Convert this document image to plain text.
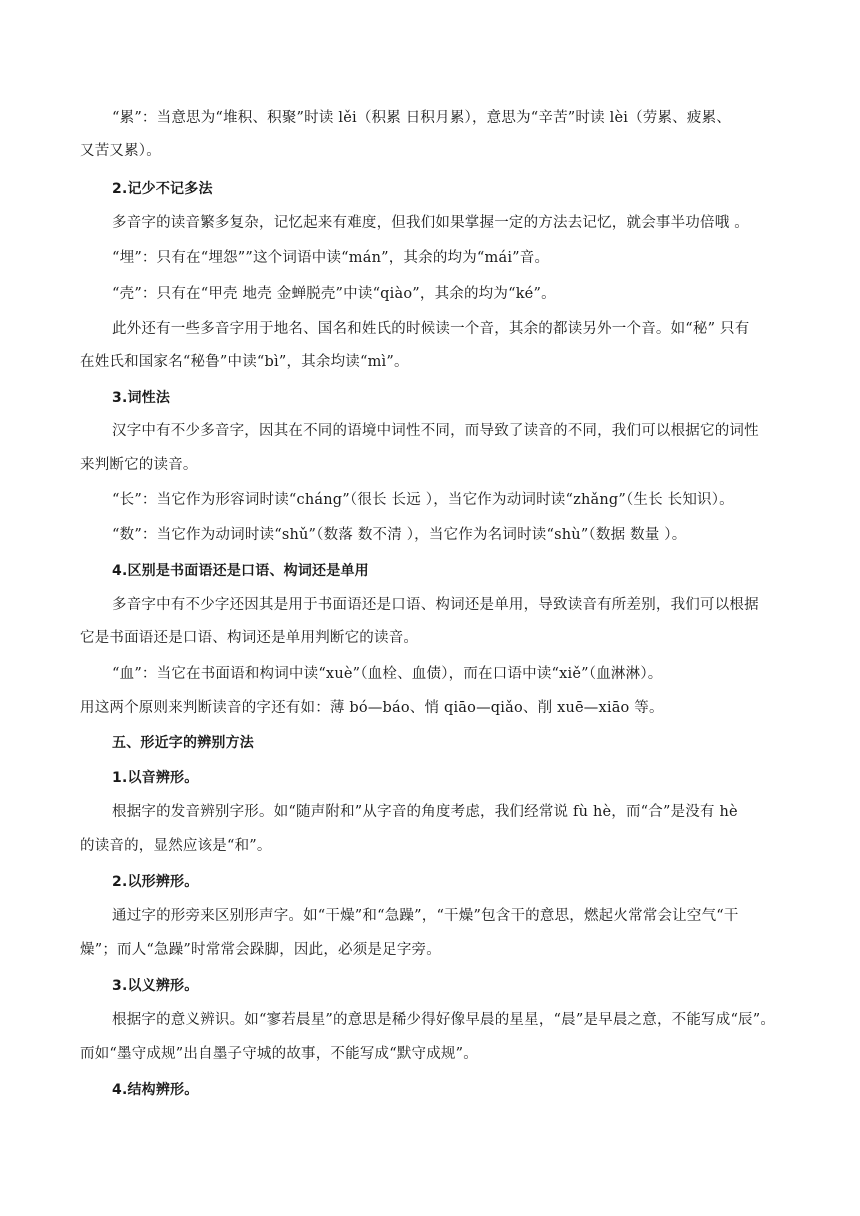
“累”：当意思为“堆积、积聚”时读 lěi（积累 日积月累），意思为“辛苦”时读 lèi（劳累、疲累、
又苦又累）。
2.记少不记多法
多音字的读音繁多复杂，记忆起来有难度，但我们如果掌握一定的方法去记忆，就会事半功倍哦 。
“埋”：只有在“埋怨””这个词语中读“mán”，其余的均为“mái”音。
“壳”：只有在“甲壳 地壳 金蝉脱壳”中读“qiào”，其余的均为“ké”。
此外还有一些多音字用于地名、国名和姓氏的时候读一个音，其余的都读另外一个音。如“秘” 只有
在姓氏和国家名“秘鲁”中读“bì”，其余均读“mì”。
3.词性法
汉字中有不少多音字，因其在不同的语境中词性不同，而导致了读音的不同，我们可以根据它的词性
来判断它的读音。
“长”：当它作为形容词时读“cháng”（很长 长远 ），当它作为动词时读“zhǎng”（生长 长知识）。
“数”：当它作为动词时读“shǔ”（数落 数不清 ），当它作为名词时读“shù”（数据 数量 ）。
4.区别是书面语还是口语、构词还是单用
多音字中有不少字还因其是用于书面语还是口语、构词还是单用，导致读音有所差别，我们可以根据
它是书面语还是口语、构词还是单用判断它的读音。
“血”：当它在书面语和构词中读“xuè”（血栓、血债），而在口语中读“xiě”（血淋淋）。
用这两个原则来判断读音的字还有如：薄 bó—báo、悄 qiāo—qiǎo、削 xuē—xiāo 等。
五、形近字的辨别方法
1.以音辨形。
根据字的发音辨别字形。如“随声附和”从字音的角度考虑，我们经常说 fù hè，而“合”是没有 hè
的读音的，显然应该是“和”。
2.以形辨形。
通过字的形旁来区别形声字。如“干燥”和“急躁”，“干燥”包含干的意思，燃起火常常会让空气“干
燥”；而人“急躁”时常常会跺脚，因此，必须是足字旁。
3.以义辨形。
根据字的意义辨识。如“寥若晨星”的意思是稀少得好像早晨的星星，“晨”是早晨之意，不能写成“辰”。
而如“墨守成规”出自墨子守城的故事，不能写成“默守成规”。
4.结构辨形。
